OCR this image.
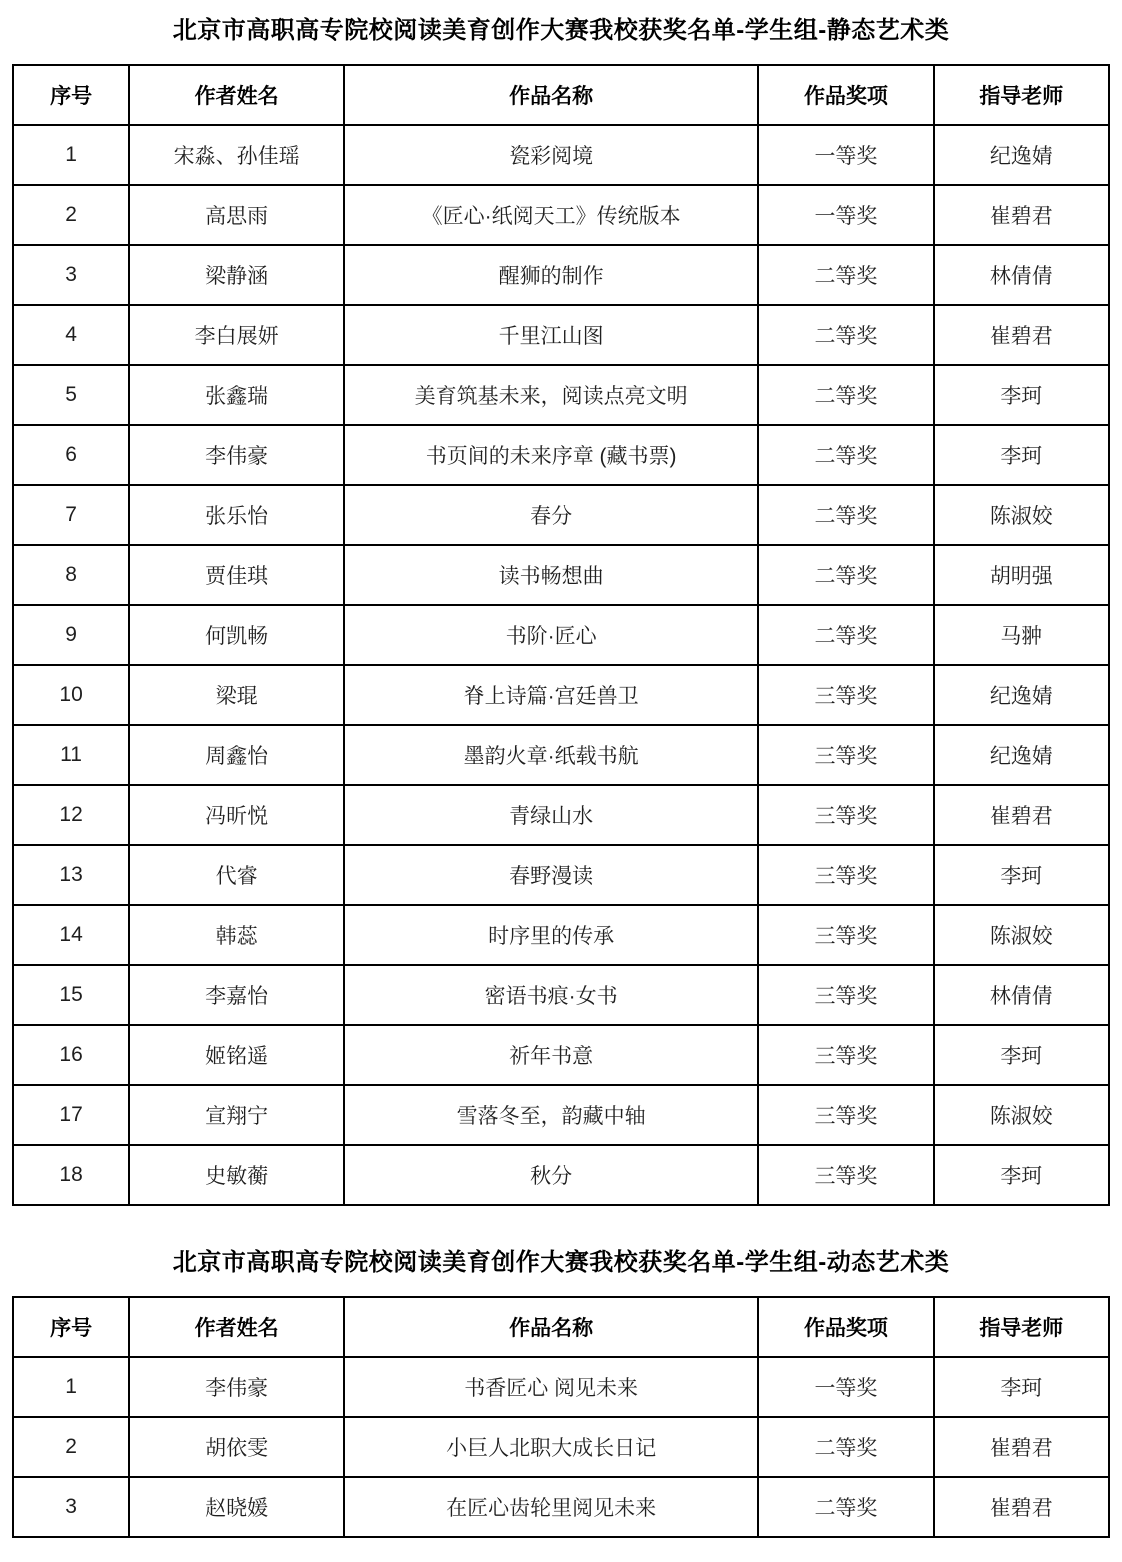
北京市高职高专院校阅读美育创作大赛我校获奖名单-学生组-静态艺术类
序号	作者姓名	作品名称	作品奖项	指导老师
1	宋淼、孙佳瑶	瓷彩阅境	一等奖	纪逸婧
2	高思雨	《匠心·纸阅天工》传统版本	一等奖	崔碧君
3	梁静涵	醒狮的制作	二等奖	林倩倩
4	李白展妍	千里江山图	二等奖	崔碧君
5	张鑫瑞	美育筑基未来，阅读点亮文明	二等奖	李珂
6	李伟豪	书页间的未来序章 (藏书票)	二等奖	李珂
7	张乐怡	春分	二等奖	陈淑姣
8	贾佳琪	读书畅想曲	二等奖	胡明强
9	何凯畅	书阶·匠心	二等奖	马翀
10	梁琨	脊上诗篇·宫廷兽卫	三等奖	纪逸婧
11	周鑫怡	墨韵火章·纸载书航	三等奖	纪逸婧
12	冯昕悦	青绿山水	三等奖	崔碧君
13	代睿	春野漫读	三等奖	李珂
14	韩蕊	时序里的传承	三等奖	陈淑姣
15	李嘉怡	密语书痕·女书	三等奖	林倩倩
16	姬铭遥	祈年书意	三等奖	李珂
17	宣翔宁	雪落冬至，韵藏中轴	三等奖	陈淑姣
18	史敏蘅	秋分	三等奖	李珂
北京市高职高专院校阅读美育创作大赛我校获奖名单-学生组-动态艺术类
序号	作者姓名	作品名称	作品奖项	指导老师
1	李伟豪	书香匠心 阅见未来	一等奖	李珂
2	胡依雯	小巨人北职大成长日记	二等奖	崔碧君
3	赵晓媛	在匠心齿轮里阅见未来	二等奖	崔碧君
